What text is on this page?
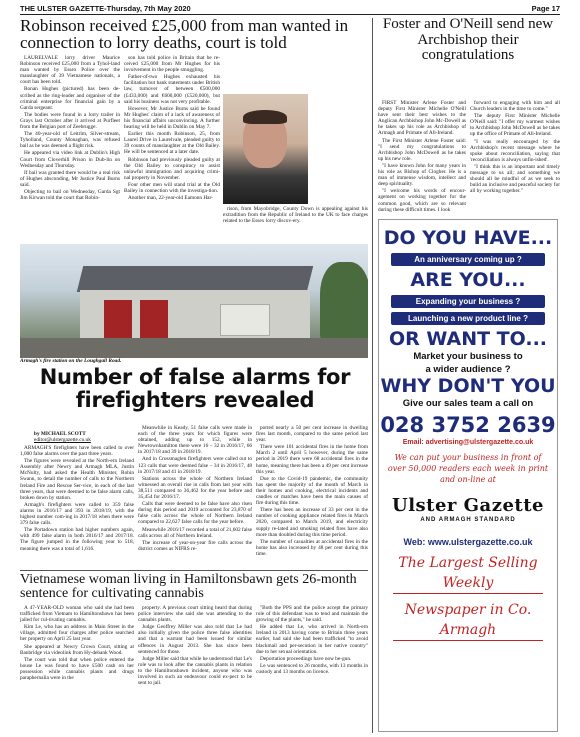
THE ULSTER GAZETTE-Thursday, 7th May 2020	Page 17
Robinson received £25,000 from man wanted in connection to lorry deaths, court is told

LAURELVALE lorry driver Maurice Robinson received £25,000 from a Tyhol-land man wanted by Essex Police over the manslaughter of 39 Vietnamese nationals, a court has been told.

Ronan Hughes (pictured) has been de-scribed as the ring-leader and organiser of the criminal enterprise for financial gain by a Garda sergeant.

The bodies were found in a lorry trailer in Grays last October after it arrived at Purfleet from the Belgian port of Zeebrugge.

The 40-year-old of Leitrim, Silver-stream, Tyholland, County Monaghan, was refused bail as he was deemed a flight risk.

He appeared via video link at Dublin's High Court from Cloverhill Prison in Dub-lin on Wednesday and Thursday.

If bail was granted there would be a real risk of Hughes absconding, Mr Justice Paul Burns said.

Objecting to bail on Wednesday, Garda Sgt Jim Kirwan told the court that Robin-

son has told police in Britain that he re-ceived £25,000 from Mr Hughes for his involvement in the people smuggling.

Father-of-two Hughes exhausted his facilitation but bank statements under British law, turnover of between €500,000 (£433,000) and €600,000 (£520,000), but said his business was not very profitable.

However, Mr Justice Burns said he found Mr Hughes' claim of a lack of awareness of his financial affairs unconvincing. A further hearing will be held in Dublin on May 7.

Earlier this month Robinson, 25, from Laurel Drive in Laurelvale, pleaded guilty to 39 counts of manslaughter at the Old Bailey. He will be sentenced at a later date.

Robinson had previously pleaded guilty at the Old Bailey to conspiracy to assist unlawful immigration and acquiring crimi-nal property in November.

Four other men will stand trial at the Old Bailey in connection with the investiga-tion.

Another man, 22-year-old Eamonn Har-

rison, from Mayobridge, County Down is appealing against his extradition from the Republic of Ireland to the UK to face charges related to the Essex lorry discov-ery.

Armagh's fire station on the Loughgall Road.
Number of false alarms for firefighters revealed
by MICHAEL SCOTT
editor@ulstergazette.co.uk

ARMAGH'S firefighters have been called to over 1,000 false alarms over the past three years.

The figures were revealed at the North-ern Ireland Assembly after Newry and Armagh MLA, Justin McNulty, had asked the Health Minister, Robin Swann, to detail the number of calls to the Northern Ireland Fire and Rescue Ser-vice, in each of the last three years, that were deemed to be false alarm calls, broken down by station.

Armagh's firefighters were called to 359 false alarms in 2016/17 and 393 in 2018/19, with the highest number com-ing in 2017/18 when there were 379 false calls.

The Portadown station had higher numbers again, with 499 false alarm in both 2016/17 and 2017/18. The figure jumped in the following year to 518, meaning there was a total of 1,616.

Meanwhile in Keady, 51 false calls were made in each of the three years for which figures were obtained, adding up to 152, while in Newtownhamilton there were 16 – 32 in 2016/17, 66 in 2017/18 and 39 in 2018/19.

And in Crossmaglen firefighters were called out to 123 calls that were deemed false – 34 in 2016/17, 48 in 2017/18 and 41 in 2018/19.

Stations across the whole of Northern Ireland witnessed an overall rise in calls from last year with 38,511 compared to 36,462 for the year before and 35,454 for 2016/17.

Calls that were deemed to be false have also risen during this period and 2019 accounted for 23,870 of false calls across the whole of Northern Ireland compared to 22,627 false calls for the year before.

Meanwhile 2016/17 recorded a total of 21,602 false calls across all of Northern Ireland.

The increase of year-on-year fire calls across the district comes as NIFRS re-

ported nearly a 50 per cent increase in dwelling fires last month, compared to the same period last year.

There were 101 accidental fires in the home from March 2 until April 5 however, during the same period in 2019 there were 68 accidental fires in the home, meaning there has been a 49 per cent increase this year.

Due to the Covid-19 pandemic, the community has spent the majority of the month of March in their homes and cooking, electrical incidents and candles or matches have been the main causes of fire during this time.

There has been an increase of 33 per cent in the number of cooking appliance related fires in March 2020, compared to March 2019, and electricity supply re-lated and smoking related fires have also more than doubled during this time period.

The number of casualties at accidental fires in the home has also increased by 48 per cent during this time.

Vietnamese woman living in Hamiltonsbawn gets 26-month sentence for cultivating cannabis

A 47-YEAR-OLD woman who said she had been trafficked from Vietnam to Hamiltonsbawn has been jailed for cul-tivating cannabis.

Kim Le, who has an address in Main Street in the village, admitted four charges after police searched her property on April 25 last year.

She appeared at Newry Crown Court, sitting at Banbridge via videolink from Hy-debank Wood.

The court was told that when police entered the house Le was found to have £500 cash on her possession while cannabis plants and drugs paraphernalia were in the

property. A previous court sitting heard that during police interview she said she was attending to the cannabis plants.

Judge Geoffrey Miller was also told that Le had also initially given the police three false identities and that a warrant had been issued for similar offences in August 2013. She has since been sentenced for those.

Judge Miller said that while he understood that Le's role was to look after the cannabis plants in relation to the Hamiltonsbawn incident, anyone who was involved in such an endeavour could ex-pect to be sent to jail.

"Both the PPS and the police accept the primary role of this defendant was to tend and maintain the growing of the plants," he said.

He added that Le, who arrived in North-ern Ireland in 2013 having come to Britain three years earlier, had said she had been trafficked "to avoid blackmail and per-secution in her native country" due to her sexual orientation.

Deportation proceedings have now be-gun.

Le was sentenced to 26 months, with 13 months in custody and 13 months on licence.

Foster and O'Neill send new Archbishop their congratulations

FIRST Minister Arlene Foster and deputy First Minister Michelle O'Neill have sent their best wishes to the Anglican Archbishop John Mc-Dowell as he takes up his role as Archbishop of Armagh and Primate of All-Ireland.

The First Minister Arlene Foster said: "I send my congratulations to Archbishop John McDowell as he takes up his new role.

"I have known John for many years in his role as Bishop of Clogher. He is a man of immense wisdom, intellect and deep spirituality.

"I welcome his words of encour-agement on working together for the common good, which are so relevant during these difficult times. I look

forward to engaging with him and all Church leaders in the time to come."

The deputy First Minister Michelle O'Neill said: "I offer my warmest wishes to Archbishop John McDowell as he takes up the office of Primate of All-Ireland.

"I was really encouraged by the Archbishop's recent message where he spoke about reconciliation, saying that 'reconciliation is always unfin-ished'.

"I think this is an important and timely message to us all; and something we should all be mindful of as we seek to build an inclusive and peaceful society for all by working together."

DO YOU HAVE...
An anniversary coming up ?
ARE YOU...
Expanding your business ?
Launching a new product line ?
OR WANT TO...
Market your business to
a wider audience ?
WHY DON'T YOU
Give our sales team a call on
028 3752 2639
Email: advertising@ulstergazette.co.uk
We can put your business in front of over 50,000 readers each week in print and on-line at
Ulster Gazette
AND ARMAGH STANDARD
Web: www.ulstergazette.co.uk
The Largest Selling Weekly
Newspaper in Co. Armagh
